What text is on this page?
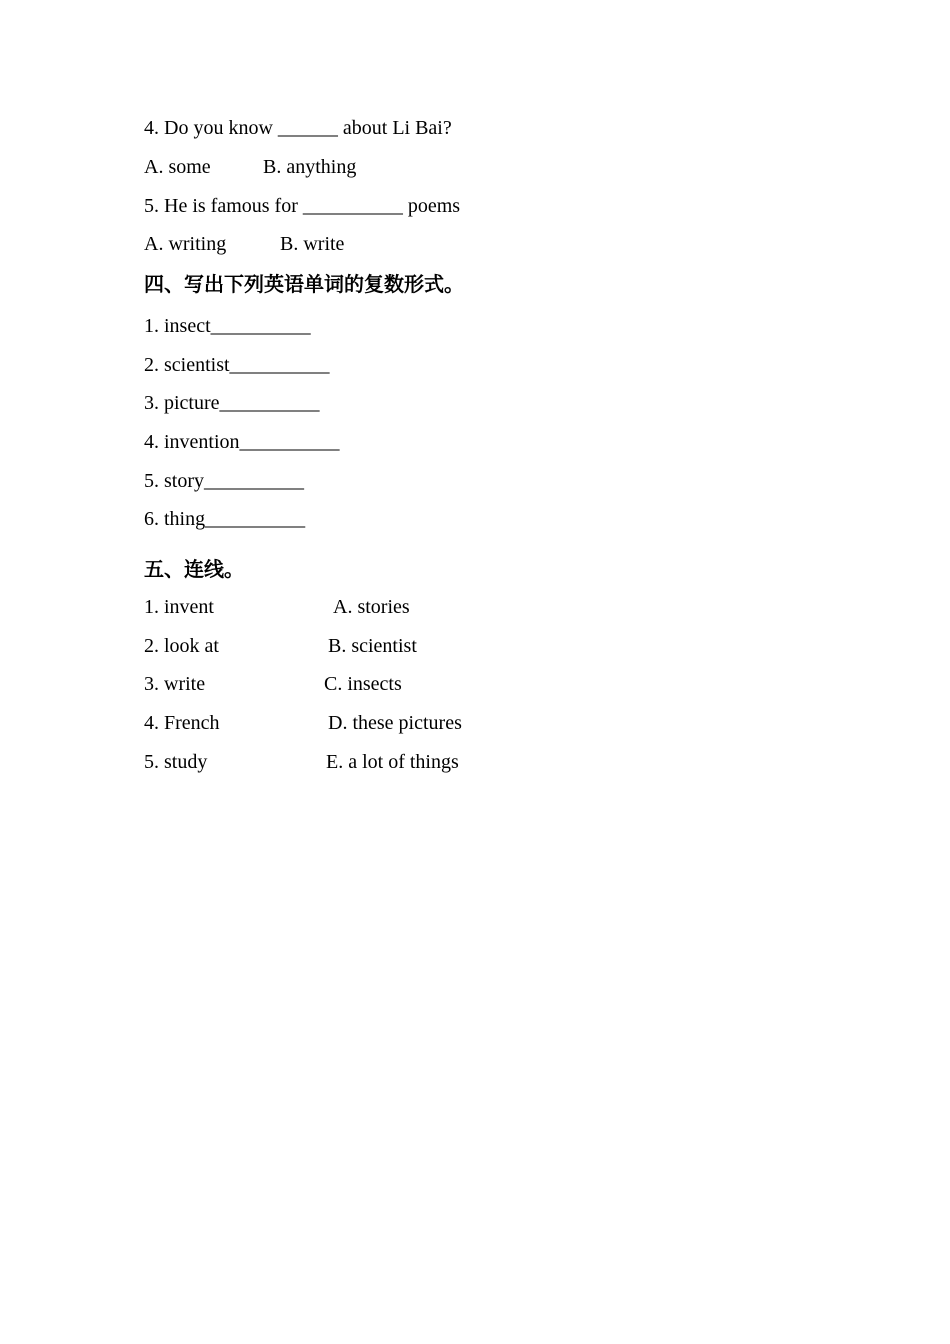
4. Do you know ______ about Li Bai?
A. some	B. anything
5. He is famous for __________ poems
A. writing	B. write
四、写出下列英语单词的复数形式。
1. insect__________
2. scientist__________
3. picture__________
4. invention__________
5. story__________
6. thing__________
五、连线。
1. invent	A. stories
2. look at	B. scientist
3. write	C. insects
4. French	D. these pictures
5. study	E. a lot of things
